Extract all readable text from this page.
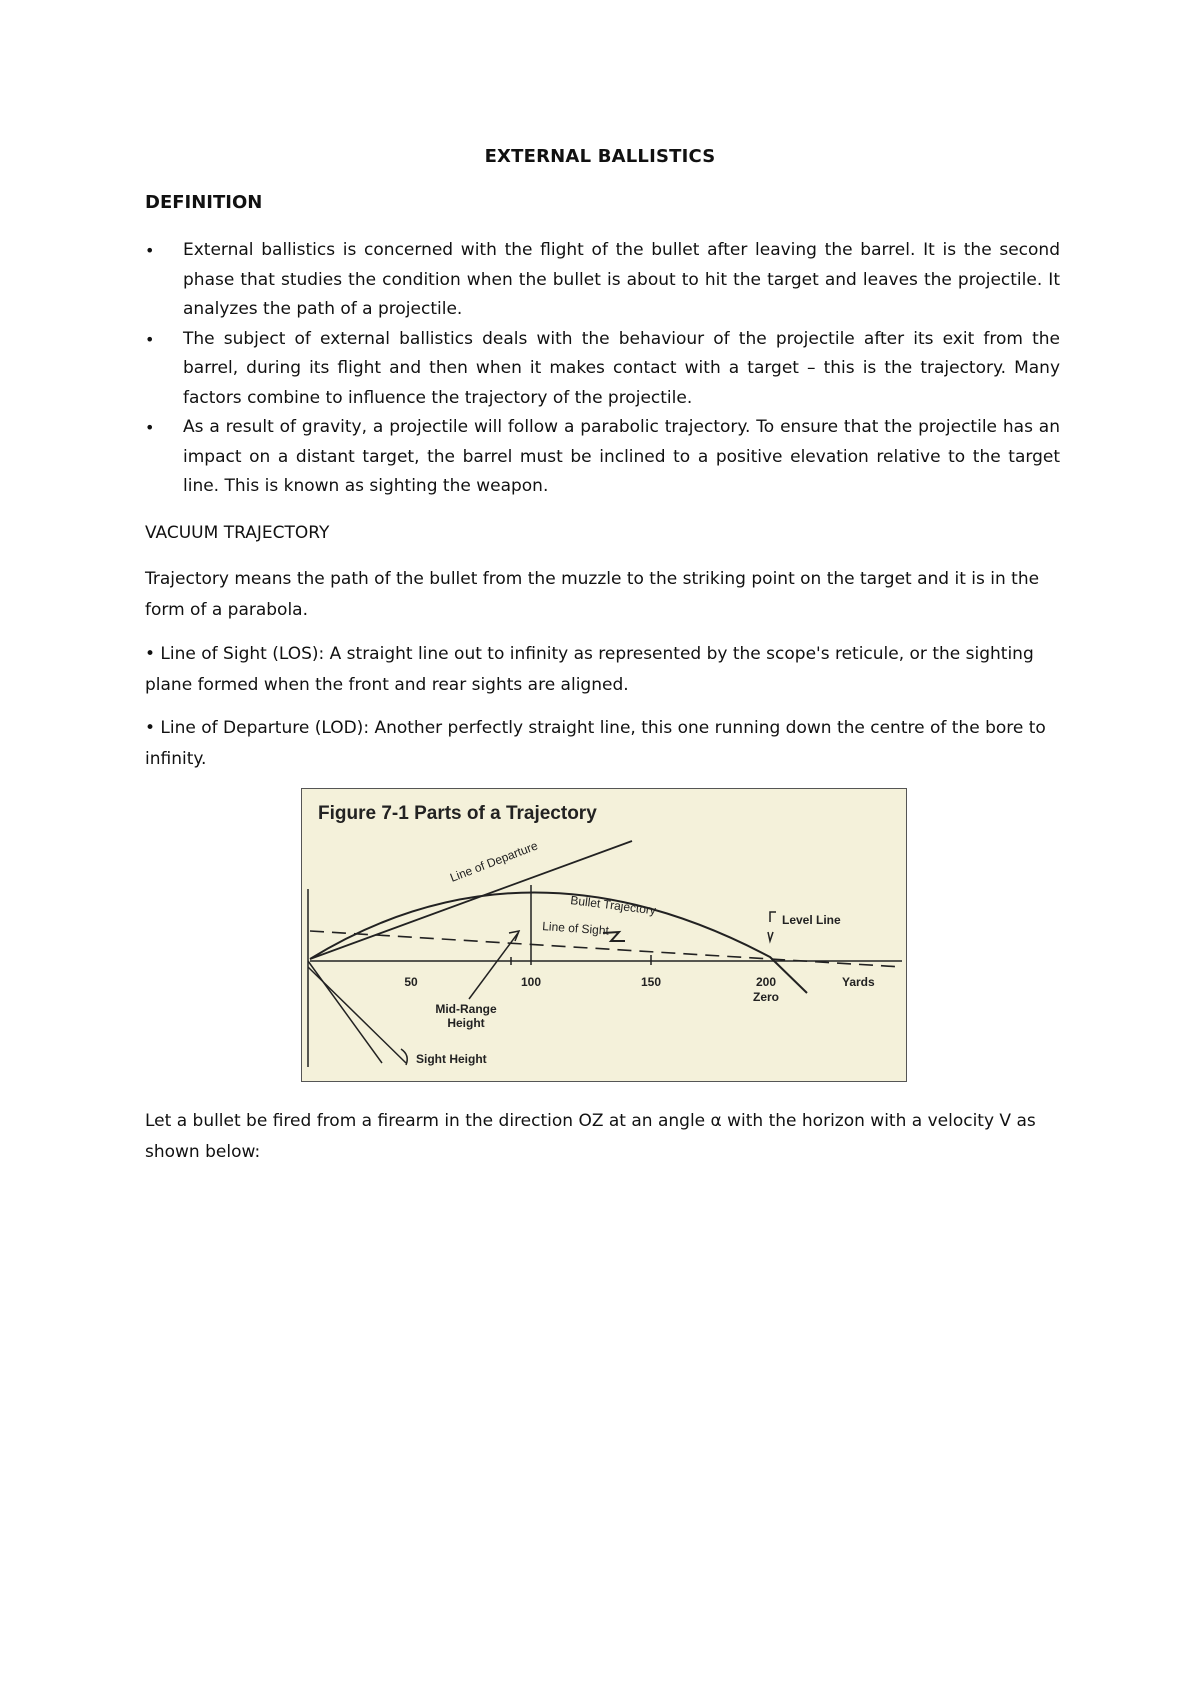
EXTERNAL BALLISTICS
DEFINITION
• External ballistics is concerned with the flight of the bullet after leaving the barrel. It is the second phase that studies the condition when the bullet is about to hit the target and leaves the projectile. It analyzes the path of a projectile.
• The subject of external ballistics deals with the behaviour of the projectile after its exit from the barrel, during its flight and then when it makes contact with a target – this is the trajectory. Many factors combine to influence the trajectory of the projectile.
• As a result of gravity, a projectile will follow a parabolic trajectory. To ensure that the projectile has an impact on a distant target, the barrel must be inclined to a positive elevation relative to the target line. This is known as sighting the weapon.
VACUUM TRAJECTORY
Trajectory means the path of the bullet from the muzzle to the striking point on the target and it is in the form of a parabola.
• Line of Sight (LOS): A straight line out to infinity as represented by the scope's reticule, or the sighting plane formed when the front and rear sights are aligned.
• Line of Departure (LOD): Another perfectly straight line, this one running down the centre of the bore to infinity.
Figure 7-1 Parts of a Trajectory
Line of Departure
Bullet Trajectory
Line of Sight	Level Line
50	100	150	200
Zero
Yards
Mid-Range
Height
Sight Height
Let a bullet be fired from a firearm in the direction OZ at an angle α with the horizon with a velocity V as shown below:
